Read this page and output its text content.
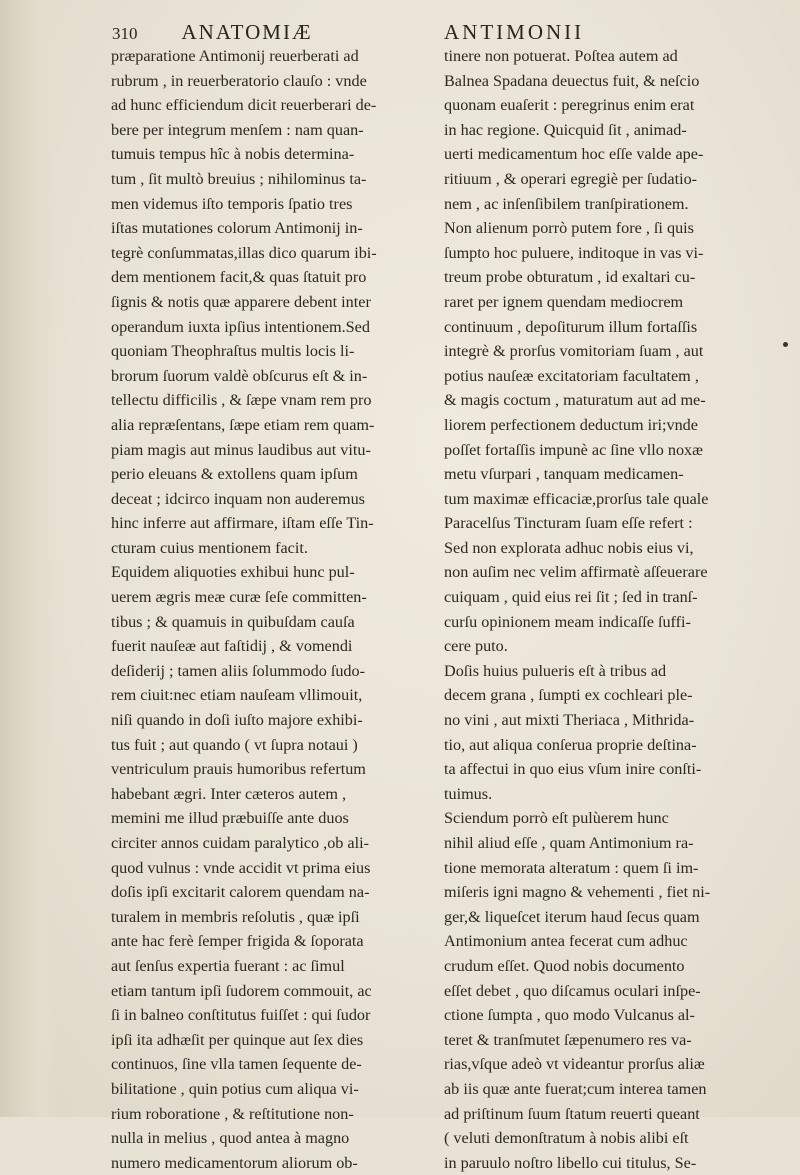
310 ANATOMIÆ	ANTIMONII
præparatione Antimonij reuerberati ad
rubrum , in reuerberatorio clauſo : vnde
ad hunc efficiendum dicit reuerberari de-
bere per integrum menſem : nam quan-
tumuis tempus hîc à nobis determina-
tum , ſit multò breuius ; nihilominus ta-
men videmus iſto temporis ſpatio tres
iſtas mutationes colorum Antimonij in-
tegrè conſummatas,illas dico quarum ibi-
dem mentionem facit,& quas ſtatuit pro
ſignis & notis quæ apparere debent inter
operandum iuxta ipſius intentionem.Sed
quoniam Theophraſtus multis locis li-
brorum ſuorum valdè obſcurus eſt & in-
tellectu difficilis , & ſæpe vnam rem pro
alia repræſentans, ſæpe etiam rem quam-
piam magis aut minus laudibus aut vitu-
perio eleuans & extollens quam ipſum
deceat ; idcirco inquam non auderemus
hinc inferre aut affirmare, iſtam eſſe Tin-
cturam cuius mentionem facit.
Equidem aliquoties exhibui hunc pul-
uerem ægris meæ curæ ſeſe committen-
tibus ; & quamuis in quibuſdam cauſa
fuerit nauſeæ aut faſtidij , & vomendi
deſiderij ; tamen aliis ſolummodo ſudo-
rem ciuit:nec etiam nauſeam vllimouit,
niſi quando in doſi iuſto majore exhibi-
tus fuit ; aut quando ( vt ſupra notaui )
ventriculum prauis humoribus refertum
habebant ægri. Inter cæteros autem ,
memini me illud præbuiſſe ante duos
circiter annos cuidam paralytico ,ob ali-
quod vulnus : vnde accidit vt prima eius
doſis ipſi excitarit calorem quendam na-
turalem in membris reſolutis , quæ ipſi
ante hac ferè ſemper frigida & ſoporata
aut ſenſus expertia fuerant : ac ſimul
etiam tantum ipſi ſudorem commouit, ac
ſi in balneo conſtitutus fuiſſet : qui ſudor
ipſi ita adhæſit per quinque aut ſex dies
continuos, ſine vlla tamen ſequente de-
bilitatione , quin potius cum aliqua vi-
rium roboratione , & reſtitutione non-
nulla in melius , quod antea à magno
numero medicamentorum aliorum ob-
tinere non potuerat. Poſtea autem ad
Balnea Spadana deuectus fuit, & neſcio
quonam euaſerit : peregrinus enim erat
in hac regione. Quicquid ſit , animad-
uerti medicamentum hoc eſſe valde ape-
ritiuum , & operari egregiè per ſudatio-
nem , ac inſenſibilem tranſpirationem.
Non alienum porrò putem fore , ſi quis
ſumpto hoc puluere, inditoque in vas vi-
treum probe obturatum , id exaltari cu-
raret per ignem quendam mediocrem
continuum , depoſiturum illum fortaſſis
integrè & prorſus vomitoriam ſuam , aut
potius nauſeæ excitatoriam facultatem ,
& magis coctum , maturatum aut ad me-
liorem perfectionem deductum iri;vnde
poſſet fortaſſis impunè ac ſine vllo noxæ
metu vſurpari , tanquam medicamen-
tum maximæ efficaciæ,prorſus tale quale
Paracelſus Tincturam ſuam eſſe refert :
Sed non explorata adhuc nobis eius vi,
non auſim nec velim affirmatè aſſeuerare
cuiquam , quid eius rei ſit ; ſed in tranſ-
curſu opinionem meam indicaſſe ſuffi-
cere puto.
Doſis huius pulueris eſt à tribus ad
decem grana , ſumpti ex cochleari ple-
no vini , aut mixti Theriaca , Mithrida-
tio, aut aliqua conſerua proprie deſtina-
ta affectui in quo eius vſum inire conſti-
tuimus.
Sciendum porrò eſt pulùerem hunc
nihil aliud eſſe , quam Antimonium ra-
tione memorata alteratum : quem ſi im-
miſeris igni magno & vehementi , fiet ni-
ger,& liqueſcet iterum haud ſecus quam
Antimonium antea fecerat cum adhuc
crudum eſſet. Quod nobis documento
eſſet debet , quo diſcamus oculari inſpe-
ctione ſumpta , quo modo Vulcanus al-
teret & tranſmutet ſæpenumero res va-
rias,vſque adeò vt videantur prorſus aliæ
ab iis quæ ante fuerat;cum interea tamen
ad priſtinum ſuum ſtatum reuerti queant
( veluti demonſtratum à nobis alibi eſt
in paruulo noſtro libello cui titulus, Se-
